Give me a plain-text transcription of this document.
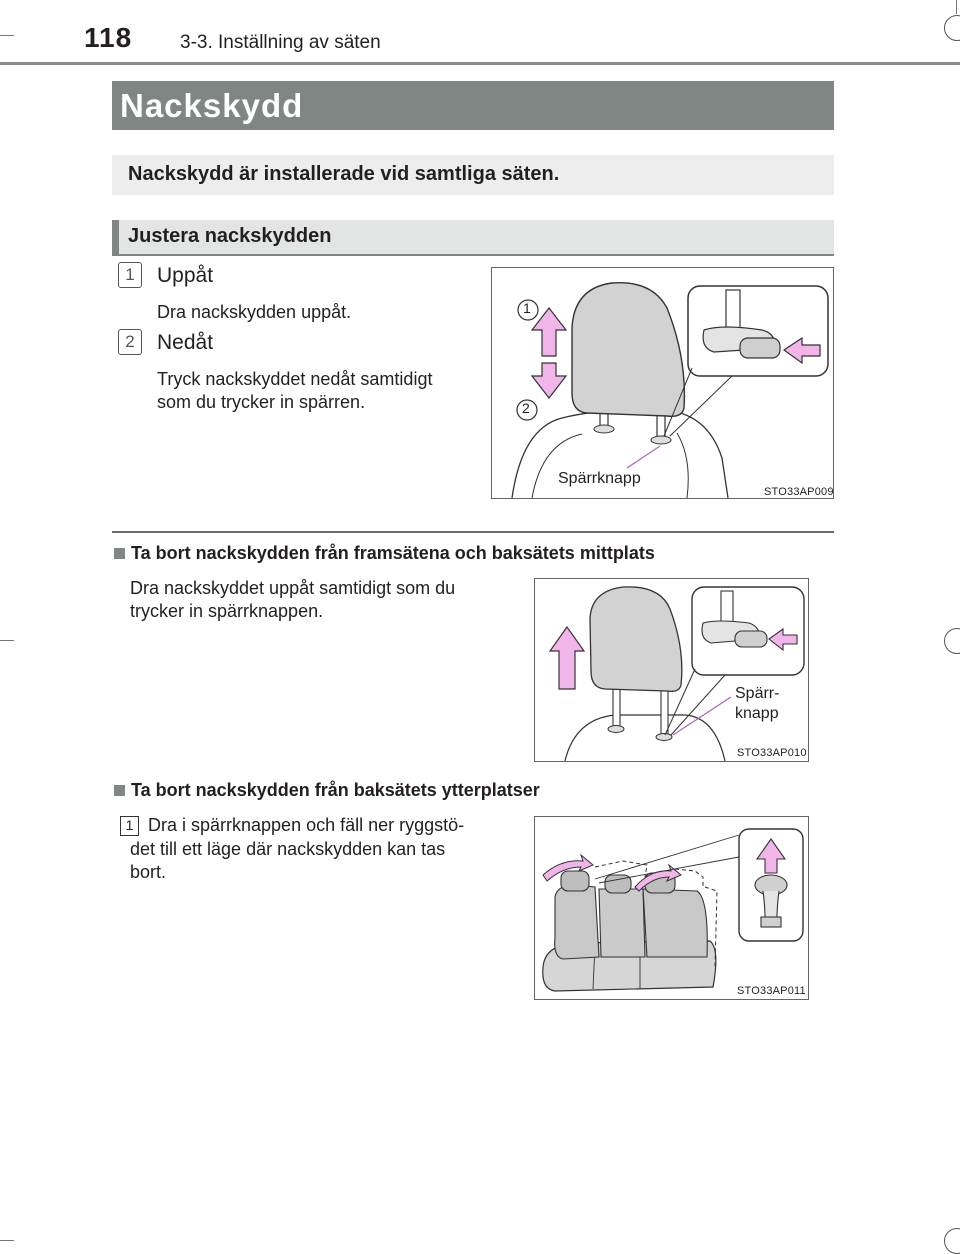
118	3-3. Inställning av säten
Nackskydd
Nackskydd är installerade vid samtliga säten.
Justera nackskydden
1	Uppåt
Dra nackskydden uppåt.
2	Nedåt
Tryck nackskyddet nedåt samtidigt
som du trycker in spärren.
1
2
Spärrknapp
STO33AP009
Ta bort nackskydden från framsätena och baksätets mittplats
Dra nackskyddet uppåt samtidigt som du
trycker in spärrknappen.
Spärr-
knapp
STO33AP010
Ta bort nackskydden från baksätets ytterplatser
1 Dra i spärrknappen och fäll ner ryggstö-
det till ett läge där nackskydden kan tas
bort.
STO33AP011
